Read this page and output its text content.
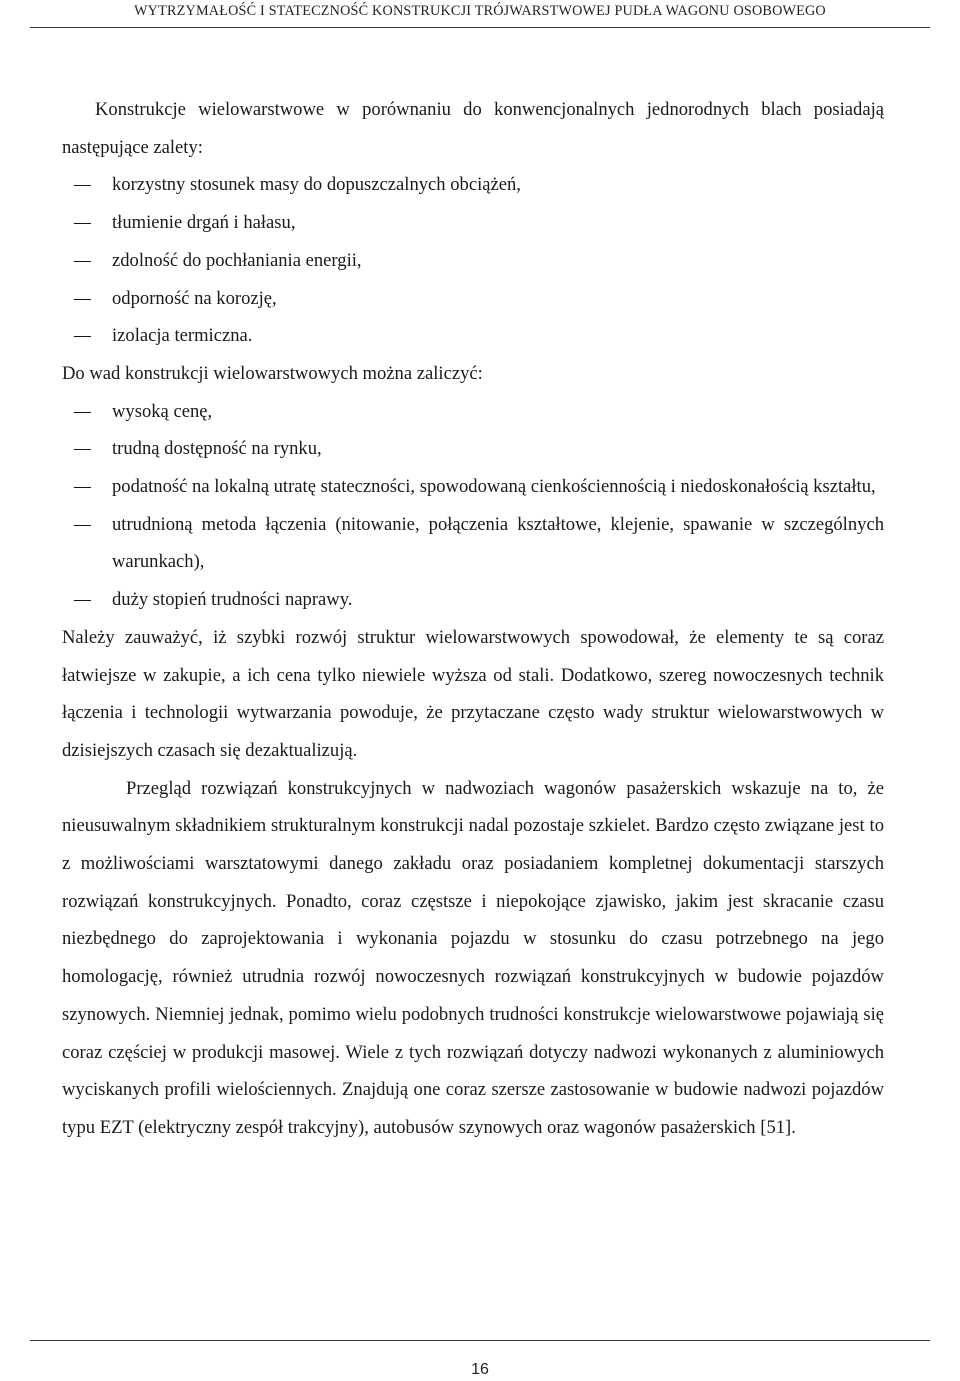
WYTRZYMAŁOŚĆ I STATECZNOŚĆ KONSTRUKCJI TRÓJWARSTWOWEJ PUDŁA WAGONU OSOBOWEGO

Konstrukcje wielowarstwowe w porównaniu do konwencjonalnych jednorodnych blach posiadają następujące zalety:

– korzystny stosunek masy do dopuszczalnych obciążeń,
– tłumienie drgań i hałasu,
– zdolność do pochłaniania energii,
– odporność na korozję,
– izolacja termiczna.

Do wad konstrukcji wielowarstwowych można zaliczyć:

– wysoką cenę,
– trudną dostępność na rynku,
– podatność na lokalną utratę stateczności, spowodowaną cienkościennością i niedoskonałością kształtu,
– utrudnioną metoda łączenia (nitowanie, połączenia kształtowe, klejenie, spawanie w szczególnych warunkach),
– duży stopień trudności naprawy.

Należy zauważyć, iż szybki rozwój struktur wielowarstwowych spowodował, że elementy te są coraz łatwiejsze w zakupie, a ich cena tylko niewiele wyższa od stali. Dodatkowo, szereg nowoczesnych technik łączenia i technologii wytwarzania powoduje, że przytaczane często wady struktur wielowarstwowych w dzisiejszych czasach się dezaktualizują.

Przegląd rozwiązań konstrukcyjnych w nadwoziach wagonów pasażerskich wskazuje na to, że nieusuwalnym składnikiem strukturalnym konstrukcji nadal pozostaje szkielet. Bardzo często związane jest to z możliwościami warsztatowymi danego zakładu oraz posiadaniem kompletnej dokumentacji starszych rozwiązań konstrukcyjnych. Ponadto, coraz częstsze i niepokojące zjawisko, jakim jest skracanie czasu niezbędnego do zaprojektowania i wykonania pojazdu w stosunku do czasu potrzebnego na jego homologację, również utrudnia rozwój nowoczesnych rozwiązań konstrukcyjnych w budowie pojazdów szynowych. Niemniej jednak, pomimo wielu podobnych trudności konstrukcje wielowarstwowe pojawiają się coraz częściej w produkcji masowej. Wiele z tych rozwiązań dotyczy nadwozi wykonanych z aluminiowych wyciskanych profili wielościennych. Znajdują one coraz szersze zastosowanie w budowie nadwozi pojazdów typu EZT (elektryczny zespół trakcyjny), autobusów szynowych oraz wagonów pasażerskich [51].

16
